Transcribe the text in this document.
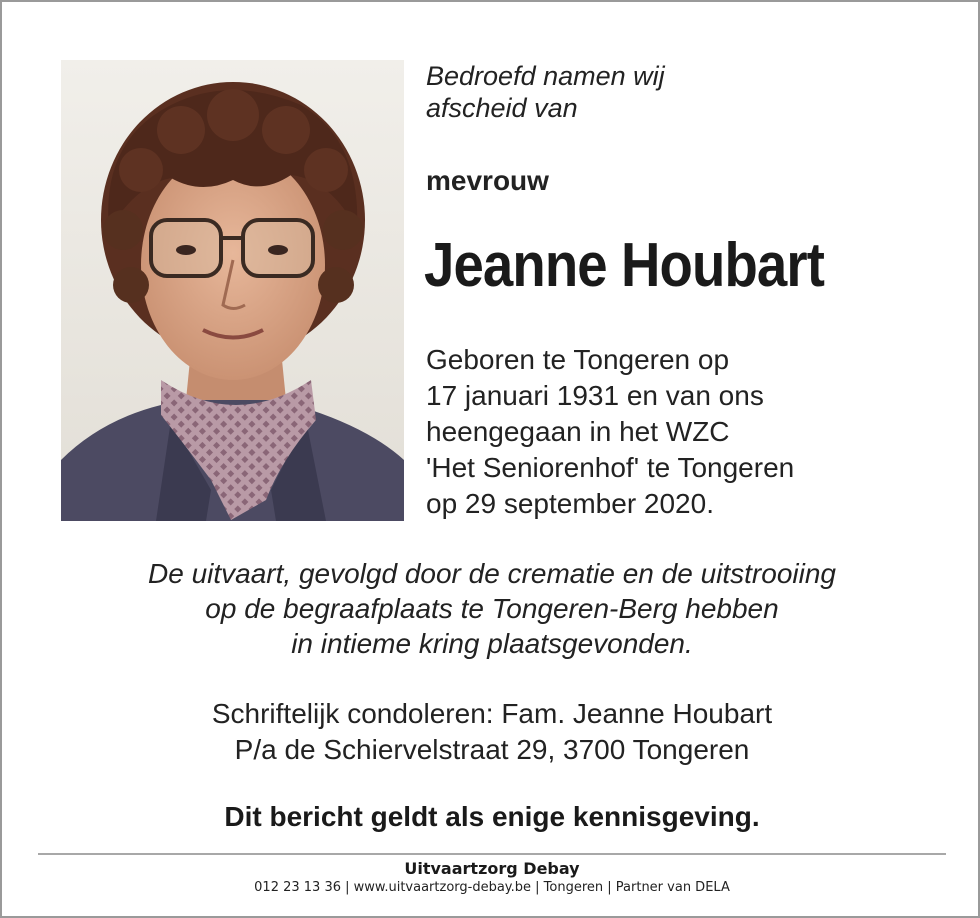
Bedroefd namen wij
afscheid van
mevrouw
Jeanne Houbart
Geboren te Tongeren op
17 januari 1931 en van ons
heengegaan in het WZC
'Het Seniorenhof' te Tongeren
op 29 september 2020.
De uitvaart, gevolgd door de crematie en de uitstrooiing
op de begraafplaats te Tongeren-Berg hebben
in intieme kring plaatsgevonden.
Schriftelijk condoleren: Fam. Jeanne Houbart
P/a de Schiervelstraat 29, 3700 Tongeren
Dit bericht geldt als enige kennisgeving.
Uitvaartzorg Debay
012 23 13 36 | www.uitvaartzorg-debay.be | Tongeren | Partner van DELA
